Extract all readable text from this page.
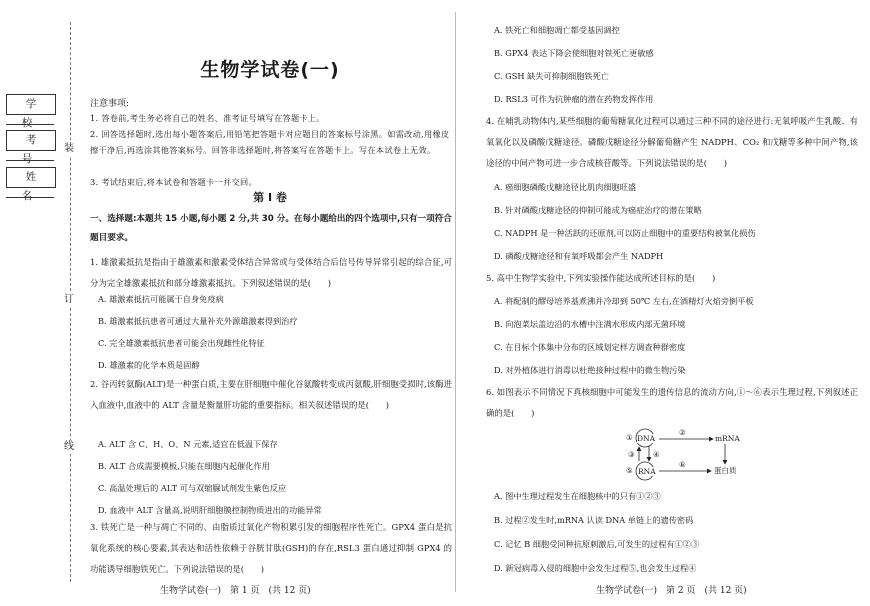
装
订
线
学 校
考 号
姓 名
生物学试卷(一)
注意事项:
1. 答卷前,考生务必将自己的姓名、准考证号填写在答题卡上。
2. 回答选择题时,选出每小题答案后,用铅笔把答题卡对应题目的答案标号涂黑。如需改动,用橡皮擦干净后,再选涂其他答案标号。回答非选择题时,将答案写在答题卡上。写在本试卷上无效。
3. 考试结束后,将本试卷和答题卡一并交回。
第 Ⅰ 卷
一、选择题:本题共 15 小题,每小题 2 分,共 30 分。在每小题给出的四个选项中,只有一项符合题目要求。
1. 雄激素抵抗是指由于雄激素和激素受体结合异常或与受体结合后信号传导异常引起的综合征,可分为完全雄激素抵抗和部分雄激素抵抗。下列叙述错误的是(　　)
A. 雄激素抵抗可能属于自身免疫病
B. 雄激素抵抗患者可通过大量补充外源雄激素得到治疗
C. 完全雄激素抵抗患者可能会出现雌性化特征
D. 雄激素的化学本质是固醇
2. 谷丙转氨酶(ALT)是一种蛋白质,主要在肝细胞中催化谷氨酸转变成丙氨酸,肝细胞受损时,该酶进入血液中,血液中的 ALT 含量是衡量肝功能的重要指标。相关叙述错误的是(　　)
A. ALT 含 C、H、O、N 元素,适宜在低温下保存
B. ALT 合成需要模板,只能在细胞内起催化作用
C. 高温处理后的 ALT 可与双缩脲试剂发生紫色反应
D. 血液中 ALT 含量高,说明肝细胞膜控制物质进出的功能异常
3. 铁死亡是一种与凋亡不同的、由脂质过氧化产物积累引发的细胞程序性死亡。GPX4 蛋白是抗氧化系统的核心要素,其表达和活性依赖于谷胱甘肽(GSH)的存在,RSL3 蛋白通过抑制 GPX4 的功能诱导细胞铁死亡。下列说法错误的是(　　)
生物学试卷(一)　第 1 页　(共 12 页)
A. 铁死亡和细胞凋亡都受基因调控
B. GPX4 表达下降会使细胞对铁死亡更敏感
C. GSH 缺失可抑制细胞铁死亡
D. RSL3 可作为抗肿瘤的潜在药物发挥作用
4. 在哺乳动物体内,某些细胞的葡萄糖氧化过程可以通过三种不同的途径进行:无氧呼吸产生乳酸、有氧氧化以及磷酸戊糖途径。磷酸戊糖途径分解葡萄糖产生 NADPH、CO₂ 和戊糖等多种中间产物,该途径的中间产物可进一步合成核苷酸等。下列说法错误的是(　　)
A. 癌细胞磷酸戊糖途径比肌肉细胞旺盛
B. 针对磷酸戊糖途径的抑制可能成为癌症治疗的潜在策略
C. NADPH 是一种活跃的还原剂,可以防止细胞中的重要结构被氧化损伤
D. 磷酸戊糖途径和有氧呼吸都会产生 NADPH
5. 高中生物学实验中,下列实验操作能达成所述目标的是(　　)
A. 将配制的醪母培养基煮沸并冷却到 50℃ 左右,在酒精灯火焰旁倒平板
B. 向泡菜坛盖边沿的水槽中注满水形成内部无菌环境
C. 在目标个体集中分布的区域划定样方调查种群密度
D. 对外植体进行消毒以杜绝接种过程中的微生物污染
6. 如图表示不同情况下真核细胞中可能发生的遗传信息的流动方向,①～⑥表示生理过程,下列叙述正确的是(　　)
① DNA
②
mRNA
③ ④
⑤ RNA
⑥
蛋白质
A. 图中生理过程发生在细胞核中的只有①②③
B. 过程②发生时,mRNA 认读 DNA 单链上的遗传密码
C. 记忆 B 细胞受同种抗原刺激后,可发生的过程有①②③
D. 新冠病毒入侵的细胞中会发生过程⑤,也会发生过程④
生物学试卷(一)　第 2 页　(共 12 页)
